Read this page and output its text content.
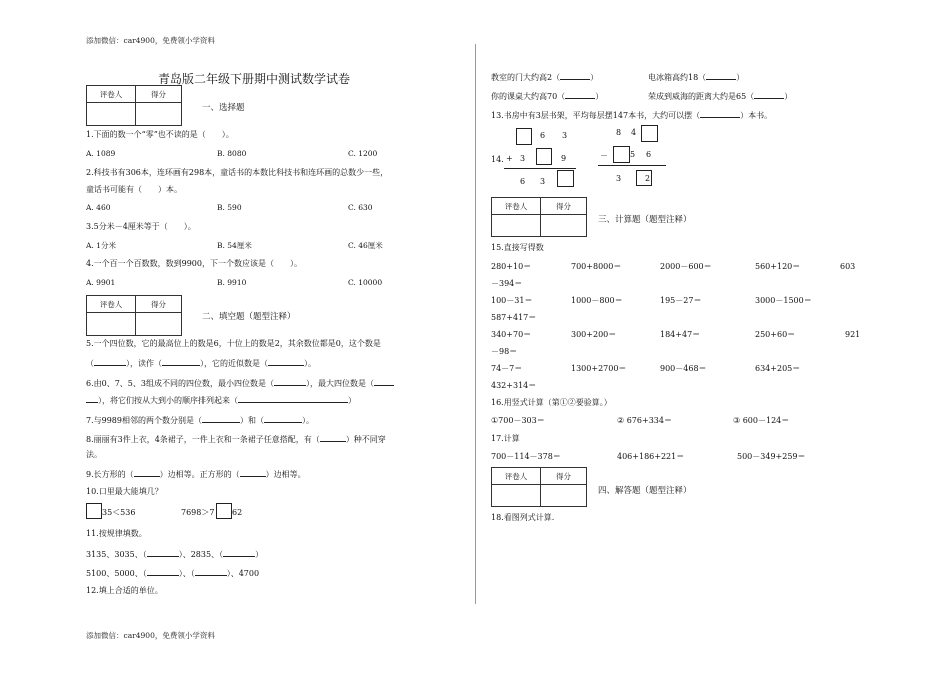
添加微信：car4900，免费领小学资料
添加微信：car4900，免费领小学资料
青岛版二年级下册期中测试数学试卷
评卷人	得分

一、选择题
1.下面的数一个“零”也不读的是（　　）。
A. 1089	B. 8080	C. 1200
2.科技书有306本，连环画有298本，童话书的本数比科技书和连环画的总数少一些，
童话书可能有（　　）本。
A. 460	B. 590	C. 630
3.5分米－4厘米等于（　　）。
A. 1分米	B. 54厘米	C. 46厘米
4.一个百一个百数数，数到9900，下一个数应该是（　　）。
A. 9901	B. 9910	C. 10000
评卷人	得分

二、填空题（题型注释）
5.一个四位数，它的最高位上的数是6，十位上的数是2，其余数位都是0，这个数是
（	），读作（	），它的近似数是（	）。
6.由0、7、5、3组成不同的四位数，最小四位数是（	），最大四位数是（
），将它们按从大到小的顺序排列起来（	）
7.与9989相邻的两个数分别是（	）和（	）。
8.丽丽有3件上衣，4条裙子，一件上衣和一条裙子任意搭配，有（	）种不同穿
法。
9.长方形的（	）边相等。正方形的（	）边相等。
10.口里最大能填几？
35＜536	7698＞7 62
11.按规律填数。
3135、3035、（	）、2835、（	）
5100、5000、（	）、（	）、4700
12.填上合适的单位。
教室的门大约高2（	）	电冰箱高约18（	）
你的课桌大约高70（	）	荣成到威海的距离大约是65（	）
13.书房中有3层书架，平均每层摆147本书，大约可以摆（	）本书。
14.
6 3
+ 3	9
6 3
8 4
－	5 6
3	2
评卷人	得分

三、计算题（题型注释）
15.直接写得数
280+10＝	700+8000＝	2000－600＝	560+120＝	603
－394＝
100－31＝	1000－800＝	195－27＝	3000－1500＝
587+417＝
340+70＝	300+200＝	184+47＝	250+60＝	921
－98＝
74－7＝	1300+2700＝	900－468＝	634+205＝
432+314＝
16.用竖式计算（第①②要验算。）
①700－303＝	② 676+334＝	③ 600－124＝
17.计算
700－114－378＝	406+186+221＝	500－349+259＝
评卷人	得分

四、解答题（题型注释）
18.看图列式计算.
